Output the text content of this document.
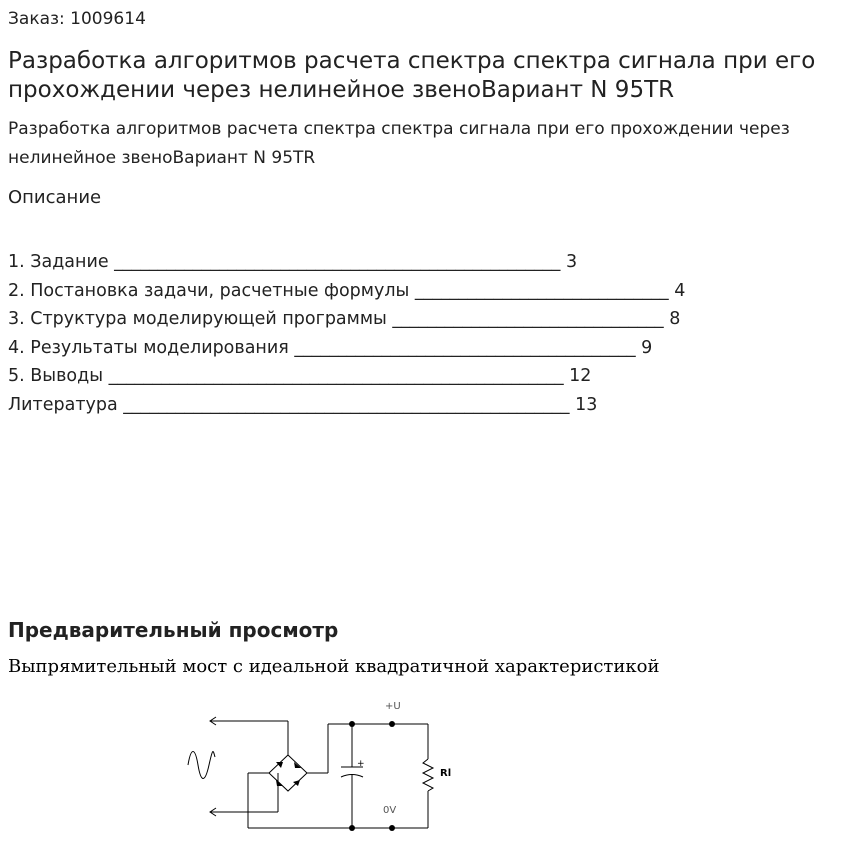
Заказ: 1009614
Разработка алгоритмов расчета спектра спектра сигнала при его прохождении через нелинейное звеноВариант N 95TR
Разработка алгоритмов расчета спектра спектра сигнала при его прохождении через нелинейное звеноВариант N 95TR
Описание
1. Задание ___________________________________________________ 3
2. Постановка задачи, расчетные формулы _____________________________ 4
3. Структура моделирующей программы _______________________________ 8
4. Результаты моделирования _______________________________________ 9
5. Выводы ____________________________________________________ 12
Литература ___________________________________________________ 13
Предварительный просмотр
Выпрямительный мост с идеальной квадратичной характеристикой
+U
0V
Rl
+
